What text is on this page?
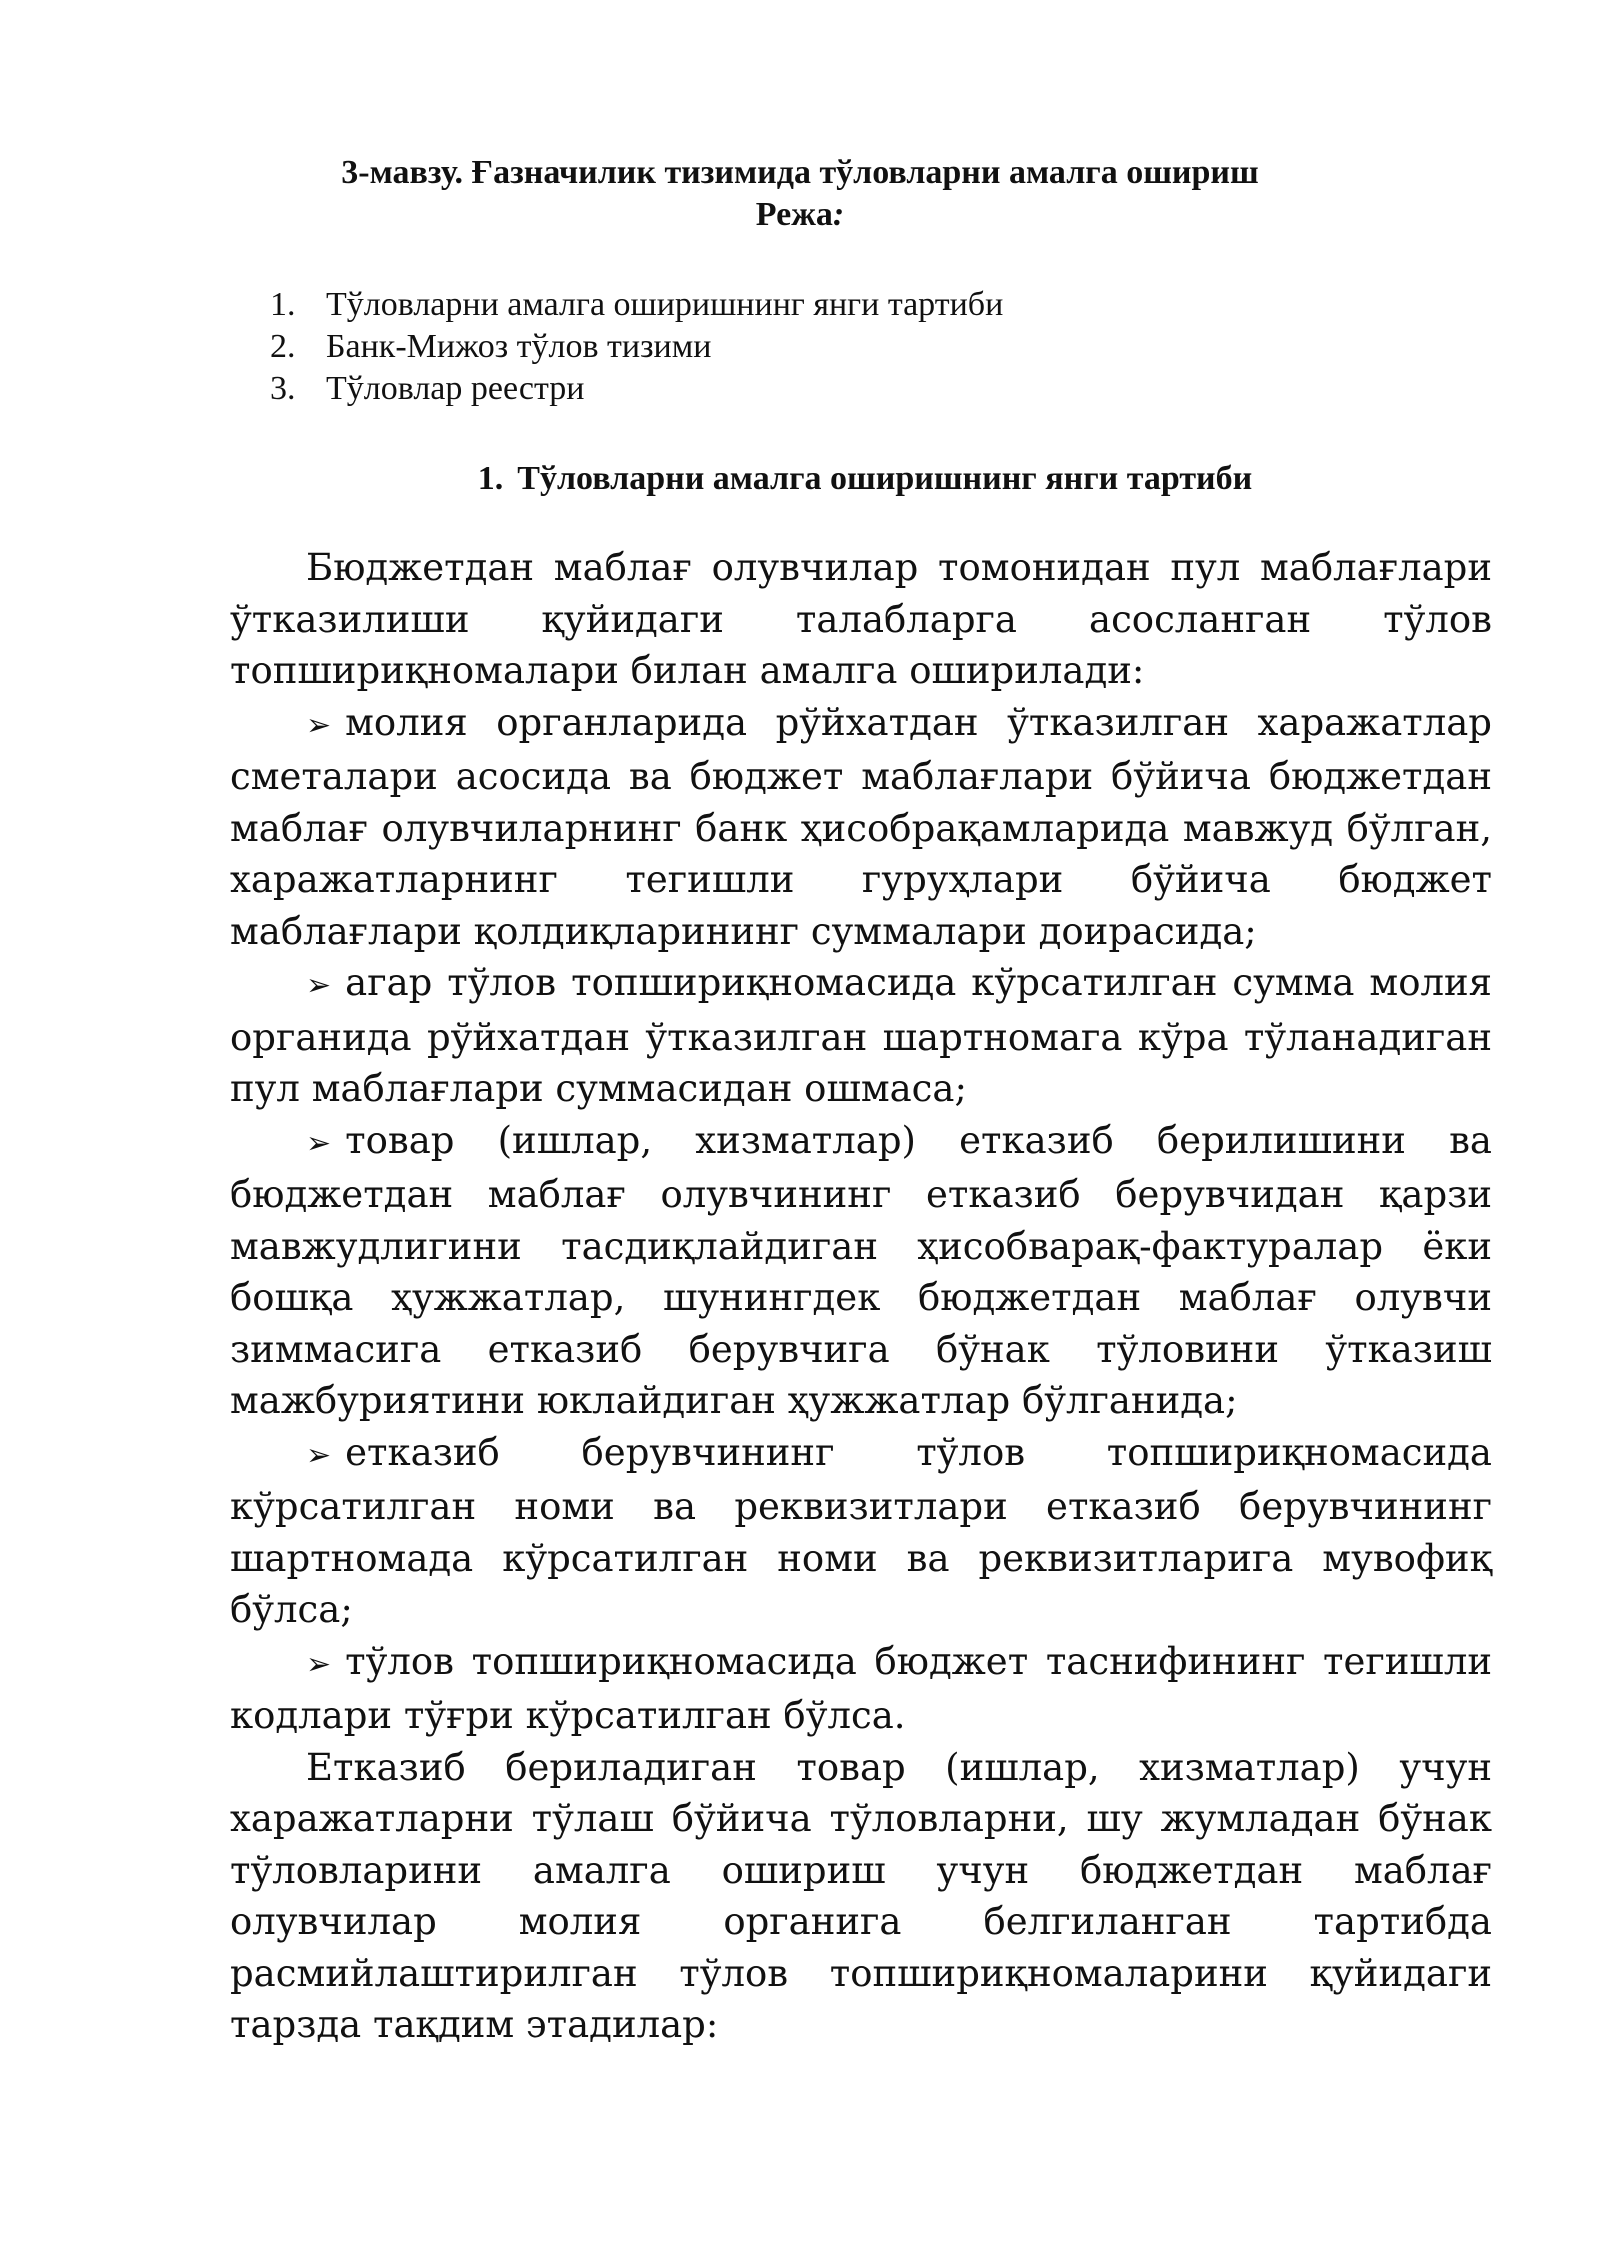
3-мавзу. Ғазначилик тизимида тўловларни амалга ошириш
Режа:
1. Тўловларни амалга оширишнинг янги тартиби
2. Банк-Мижоз тўлов тизими
3. Тўловлар реестри
1. Тўловларни амалга оширишнинг янги тартиби

Бюджетдан маблағ олувчилар томонидан пул маблағлари ўтказилиши қуйидаги талабларга асосланган тўлов топшириқномалари билан амалга оширилади:

➢ молия органларида рўйхатдан ўтказилган харажатлар сметалари асосида ва бюджет маблағлари бўйича бюджетдан маблағ олувчиларнинг банк ҳисобрақамларида мавжуд бўлган, харажатларнинг тегишли гуруҳлари бўйича бюджет маблағлари қолдиқларининг суммалари доирасида;

➢ агар тўлов топшириқномасида кўрсатилган сумма молия органида рўйхатдан ўтказилган шартномага кўра тўланадиган пул маблағлари суммасидан ошмаса;

➢ товар (ишлар, хизматлар) етказиб берилишини ва бюджетдан маблағ олувчининг етказиб берувчидан қарзи мавжудлигини тасдиқлайдиган ҳисобварақ-фактуралар ёки бошқа ҳужжатлар, шунингдек бюджетдан маблағ олувчи зиммасига етказиб берувчига бўнак тўловини ўтказиш мажбуриятини юклайдиган ҳужжатлар бўлганида;

➢ етказиб берувчининг тўлов топшириқномасида кўрсатилган номи ва реквизитлари етказиб берувчининг шартномада кўрсатилган номи ва реквизитларига мувофиқ бўлса;

➢ тўлов топшириқномасида бюджет таснифининг тегишли кодлари тўғри кўрсатилган бўлса.

Етказиб бериладиган товар (ишлар, хизматлар) учун харажатларни тўлаш бўйича тўловларни, шу жумладан бўнак тўловларини амалга ошириш учун бюджетдан маблағ олувчилар молия органига белгиланган тартибда расмийлаштирилган тўлов топшириқномаларини қуйидаги тарзда тақдим этадилар:
